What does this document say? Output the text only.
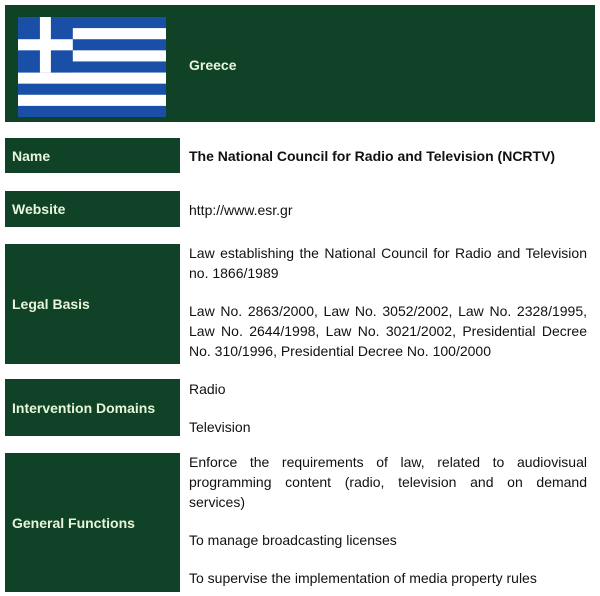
Greece
Name	The National Council for Radio and Television (NCRTV)
Website	http://www.esr.gr
Legal Basis

Law establishing the National Council for Radio and Television no. 1866/1989

Law No. 2863/2000, Law No. 3052/2002, Law No. 2328/1995, Law No. 2644/1998, Law No. 3021/2002, Presidential Decree No. 310/1996, Presidential Decree No. 100/2000

Intervention Domains

Radio

Television

General Functions

Enforce the requirements of law, related to audiovisual programming content (radio, television and on demand services)

To manage broadcasting licenses

To supervise the implementation of media property rules
